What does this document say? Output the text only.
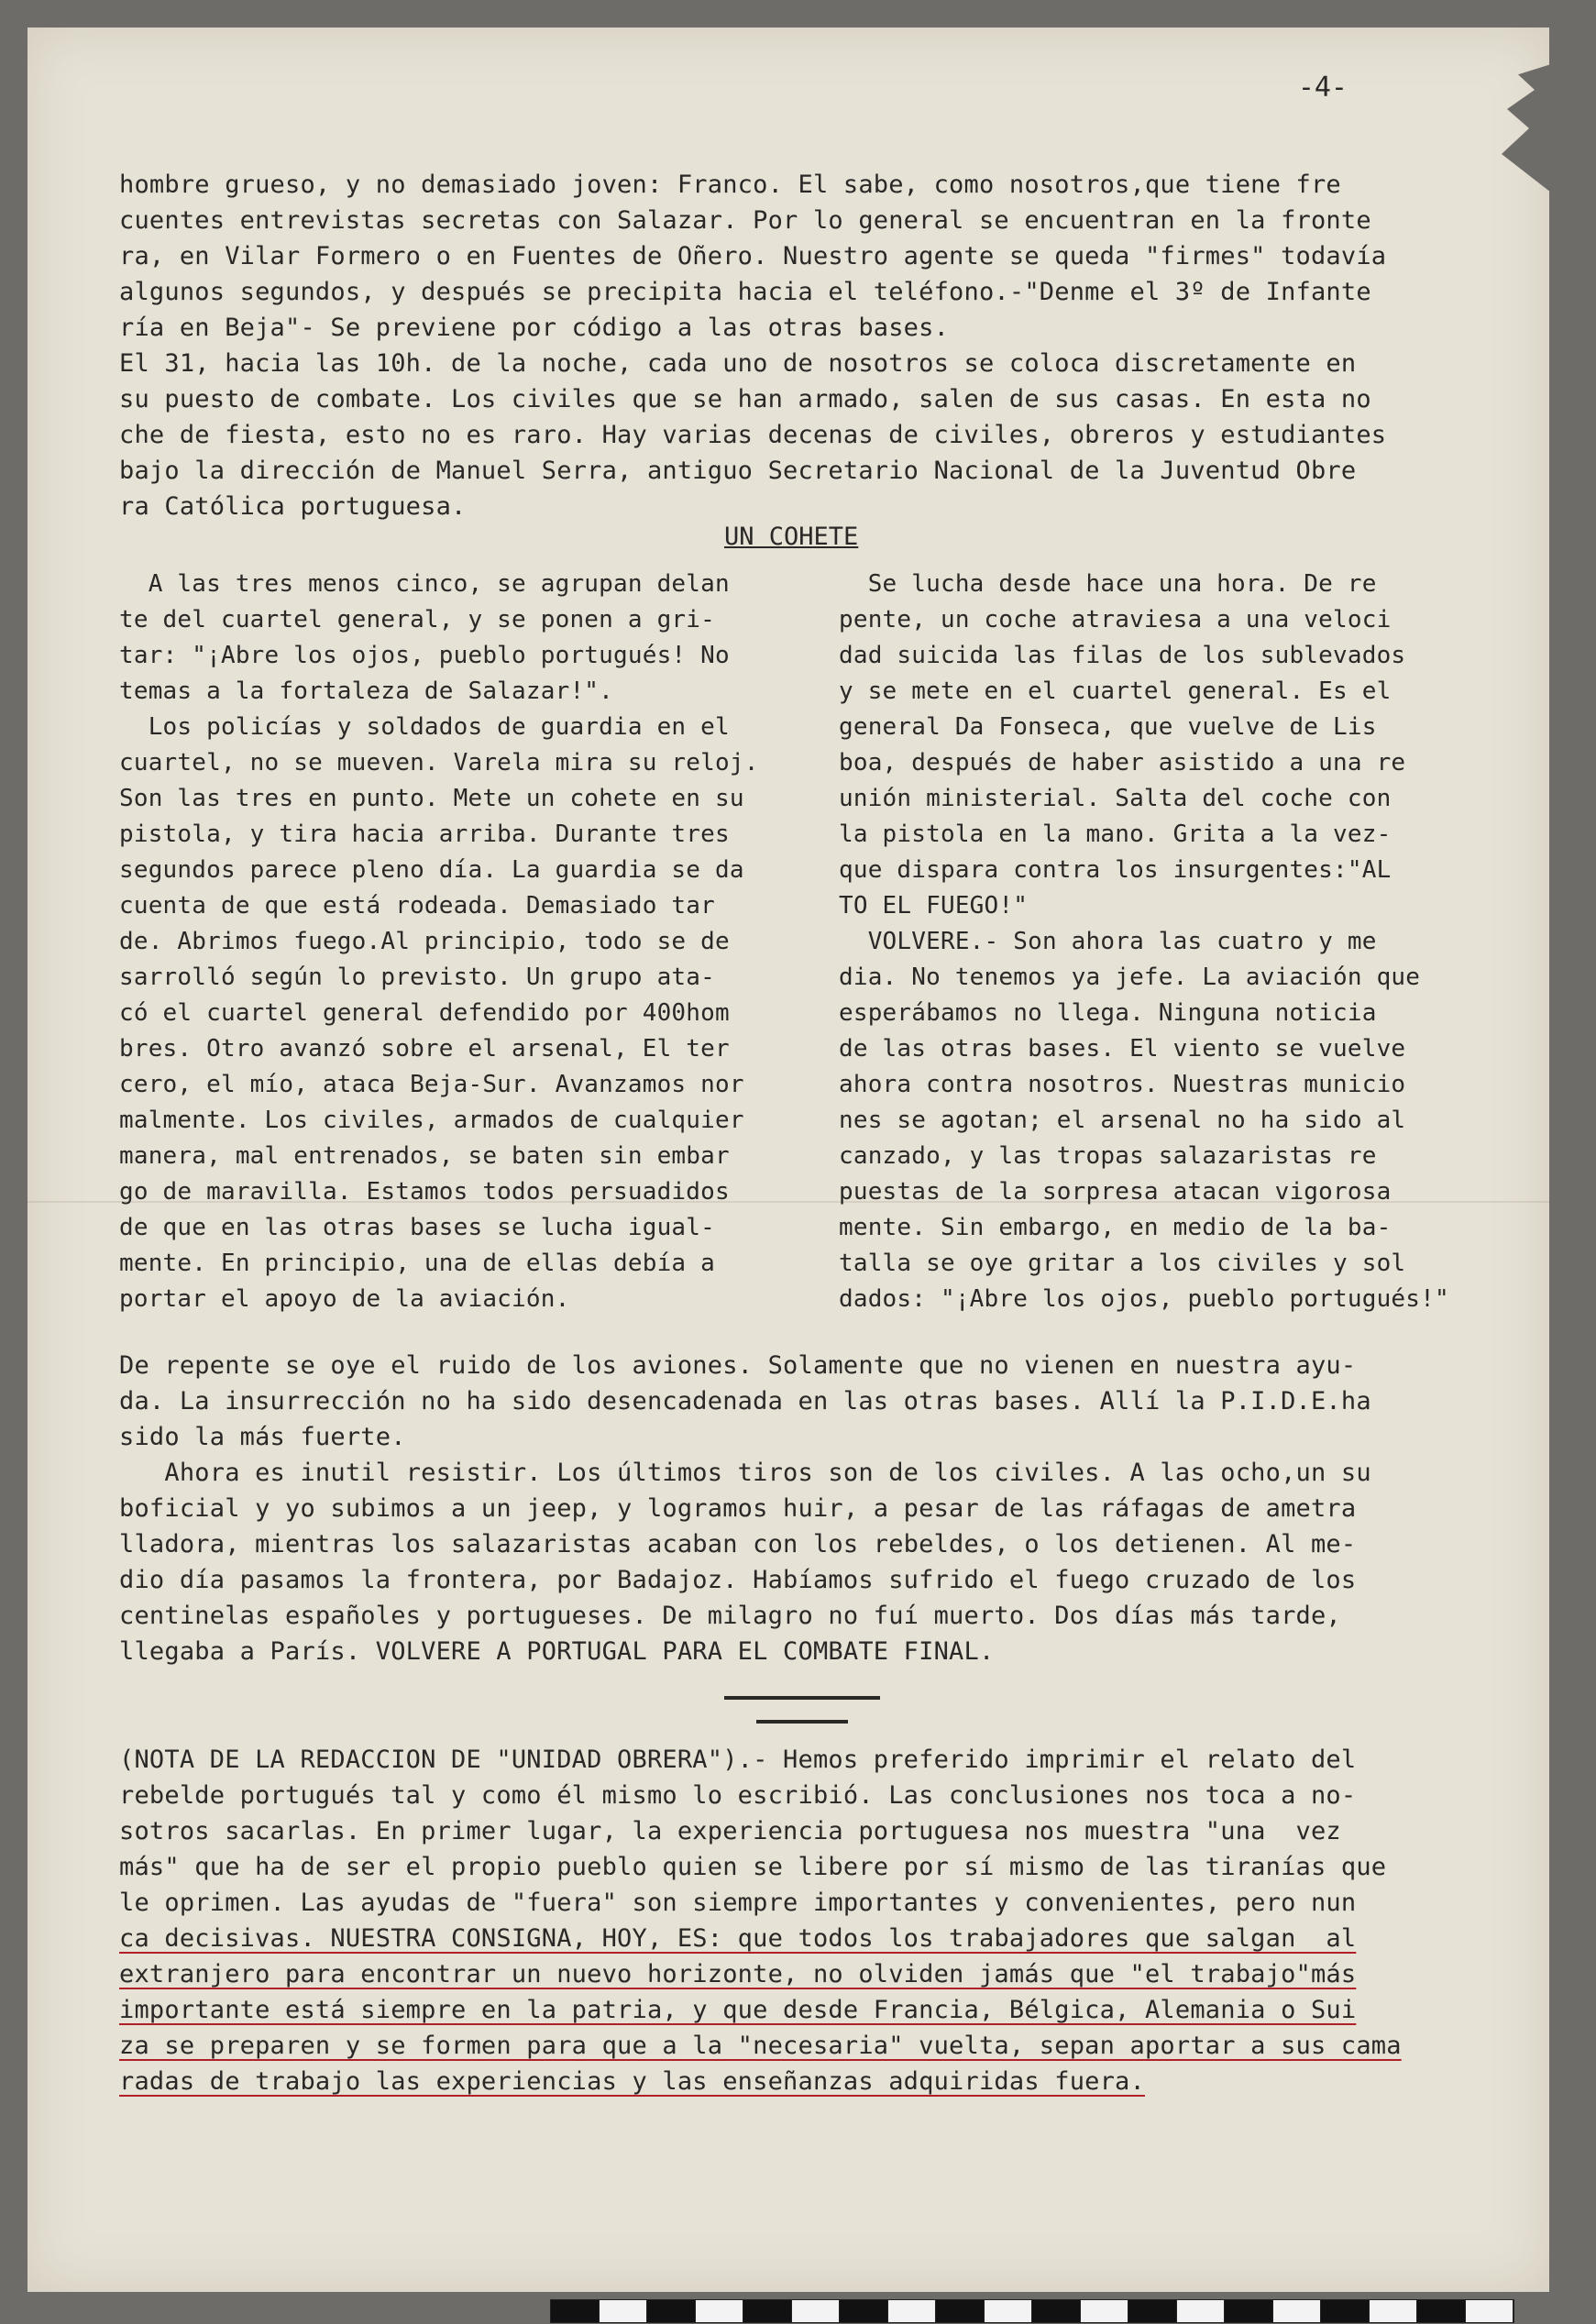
-4-
hombre grueso, y no demasiado joven: Franco. El sabe, como nosotros,que tiene fre
cuentes entrevistas secretas con Salazar. Por lo general se encuentran en la fronte
ra, en Vilar Formero o en Fuentes de Oñero. Nuestro agente se queda "firmes" todavía
algunos segundos, y después se precipita hacia el teléfono.-"Denme el 3º de Infante
ría en Beja"- Se previene por código a las otras bases.
El 31, hacia las 10h. de la noche, cada uno de nosotros se coloca discretamente en
su puesto de combate. Los civiles que se han armado, salen de sus casas. En esta no
che de fiesta, esto no es raro. Hay varias decenas de civiles, obreros y estudiantes
bajo la dirección de Manuel Serra, antiguo Secretario Nacional de la Juventud Obre
ra Católica portuguesa.
UN COHETE
A las tres menos cinco, se agrupan delan
te del cuartel general, y se ponen a gri-
tar: "¡Abre los ojos, pueblo portugués! No
temas a la fortaleza de Salazar!".
Los policías y soldados de guardia en el
cuartel, no se mueven. Varela mira su reloj.
Son las tres en punto. Mete un cohete en su
pistola, y tira hacia arriba. Durante tres
segundos parece pleno día. La guardia se da
cuenta de que está rodeada. Demasiado tar
de. Abrimos fuego.Al principio, todo se de
sarrolló según lo previsto. Un grupo ata-
có el cuartel general defendido por 400hom
bres. Otro avanzó sobre el arsenal, El ter
cero, el mío, ataca Beja-Sur. Avanzamos nor
malmente. Los civiles, armados de cualquier
manera, mal entrenados, se baten sin embar
go de maravilla. Estamos todos persuadidos
de que en las otras bases se lucha igual-
mente. En principio, una de ellas debía a
portar el apoyo de la aviación.
Se lucha desde hace una hora. De re
pente, un coche atraviesa a una veloci
dad suicida las filas de los sublevados
y se mete en el cuartel general. Es el
general Da Fonseca, que vuelve de Lis
boa, después de haber asistido a una re
unión ministerial. Salta del coche con
la pistola en la mano. Grita a la vez-
que dispara contra los insurgentes:"AL
TO EL FUEGO!"
VOLVERE.- Son ahora las cuatro y me
dia. No tenemos ya jefe. La aviación que
esperábamos no llega. Ninguna noticia
de las otras bases. El viento se vuelve
ahora contra nosotros. Nuestras municio
nes se agotan; el arsenal no ha sido al
canzado, y las tropas salazaristas re
puestas de la sorpresa atacan vigorosa
mente. Sin embargo, en medio de la ba-
talla se oye gritar a los civiles y sol
dados: "¡Abre los ojos, pueblo portugués!"
De repente se oye el ruido de los aviones. Solamente que no vienen en nuestra ayu-
da. La insurrección no ha sido desencadenada en las otras bases. Allí la P.I.D.E.ha
sido la más fuerte.
Ahora es inutil resistir. Los últimos tiros son de los civiles. A las ocho,un su
boficial y yo subimos a un jeep, y logramos huir, a pesar de las ráfagas de ametra
lladora, mientras los salazaristas acaban con los rebeldes, o los detienen. Al me-
dio día pasamos la frontera, por Badajoz. Habíamos sufrido el fuego cruzado de los
centinelas españoles y portugueses. De milagro no fuí muerto. Dos días más tarde,
llegaba a París. VOLVERE A PORTUGAL PARA EL COMBATE FINAL.
(NOTA DE LA REDACCION DE "UNIDAD OBRERA").- Hemos preferido imprimir el relato del
rebelde portugués tal y como él mismo lo escribió. Las conclusiones nos toca a no-
sotros sacarlas. En primer lugar, la experiencia portuguesa nos muestra "una  vez
más" que ha de ser el propio pueblo quien se libere por sí mismo de las tiranías que
le oprimen. Las ayudas de "fuera" son siempre importantes y convenientes, pero nun
ca decisivas. NUESTRA CONSIGNA, HOY, ES: que todos los trabajadores que salgan  al
extranjero para encontrar un nuevo horizonte, no olviden jamás que "el trabajo"más
importante está siempre en la patria, y que desde Francia, Bélgica, Alemania o Sui
za se preparen y se formen para que a la "necesaria" vuelta, sepan aportar a sus cama
radas de trabajo las experiencias y las enseñanzas adquiridas fuera.
